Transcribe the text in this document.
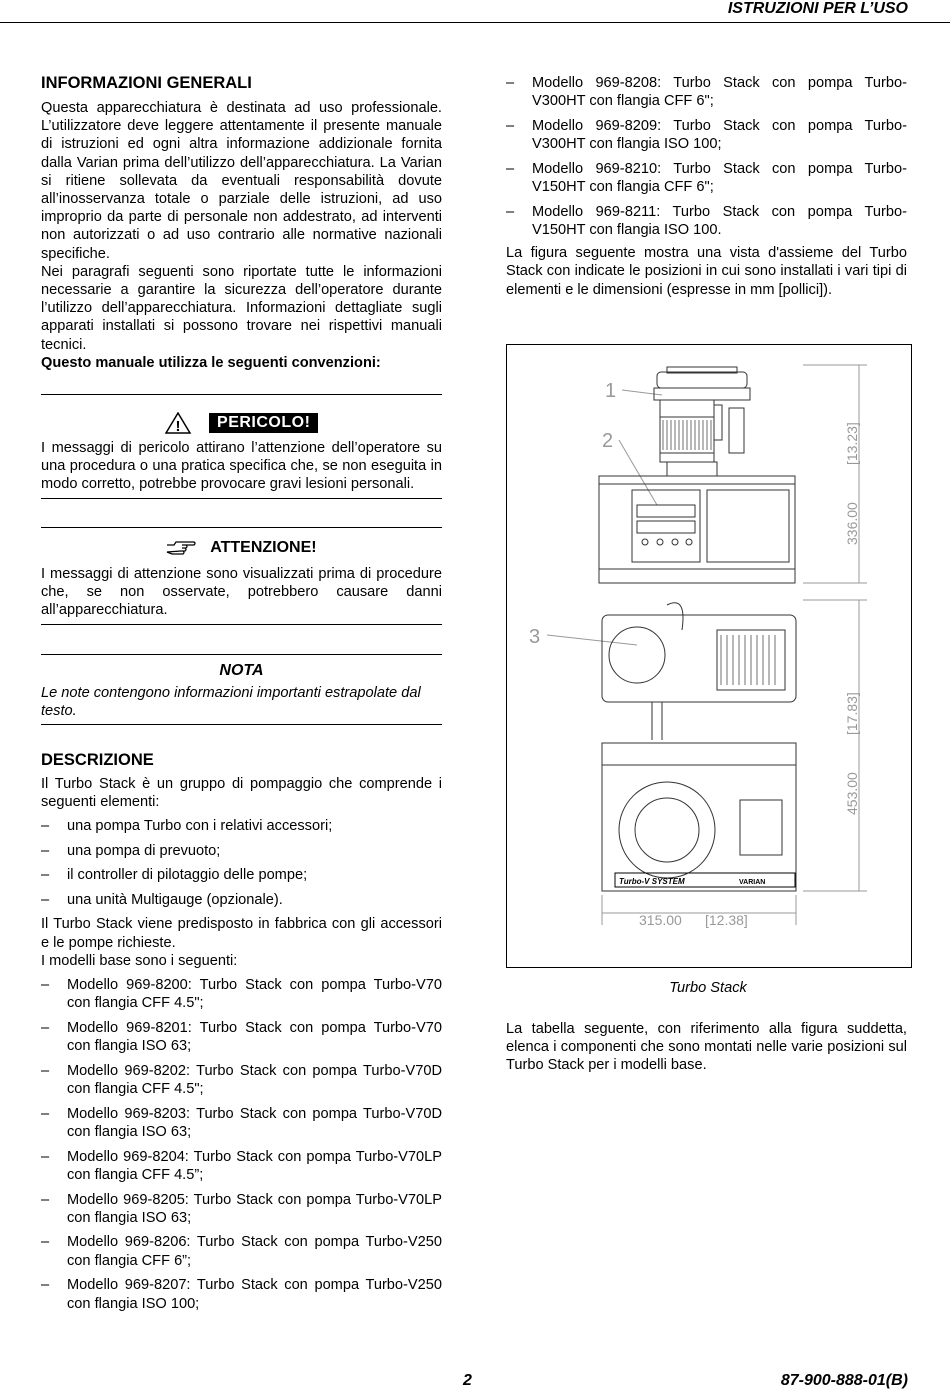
ISTRUZIONI PER L’USO
INFORMAZIONI GENERALI

Questa apparecchiatura è destinata ad uso professionale. L’utilizzatore deve leggere attentamente il presente manuale di istruzioni ed ogni altra informazione addizionale fornita dalla Varian prima dell’utilizzo dell’apparecchiatura. La Varian si ritiene sollevata da eventuali responsabilità dovute all’inosservanza totale o parziale delle istruzioni, ad uso improprio da parte di personale non addestrato, ad interventi non autorizzati o ad uso contrario alle normative nazionali specifiche.

Nei paragrafi seguenti sono riportate tutte le informazioni necessarie a garantire la sicurezza dell’operatore durante l’utilizzo dell’apparecchiatura. Informazioni dettagliate sugli apparati installati si possono trovare nei rispettivi manuali tecnici.

Questo manuale utilizza le seguenti convenzioni:

! PERICOLO!

I messaggi di pericolo attirano l’attenzione dell’operatore su una procedura o una pratica specifica che, se non eseguita in modo corretto, potrebbe provocare gravi lesioni personali.

ATTENZIONE!

I messaggi di attenzione sono visualizzati prima di procedure che, se non osservate, potrebbero causare danni all’apparecchiatura.

NOTA

Le note contengono informazioni importanti estrapolate dal testo.

DESCRIZIONE

Il Turbo Stack è un gruppo di pompaggio che comprende i seguenti elementi:

– una pompa Turbo con i relativi accessori;
– una pompa di prevuoto;
– il controller di pilotaggio delle pompe;
– una unità Multigauge (opzionale).

Il Turbo Stack viene predisposto in fabbrica con gli accessori e le pompe richieste.

I modelli base sono i seguenti:

– Modello 969-8200: Turbo Stack con pompa Turbo-V70 con flangia CFF 4.5";
– Modello 969-8201: Turbo Stack con pompa Turbo-V70 con flangia ISO 63;
– Modello 969-8202: Turbo Stack con pompa Turbo-V70D con flangia CFF 4.5";
– Modello 969-8203: Turbo Stack con pompa Turbo-V70D con flangia ISO 63;
– Modello 969-8204: Turbo Stack con pompa Turbo-V70LP con flangia CFF 4.5”;
– Modello 969-8205: Turbo Stack con pompa Turbo-V70LP con flangia ISO 63;
– Modello 969-8206: Turbo Stack con pompa Turbo-V250 con flangia CFF 6”;
– Modello 969-8207: Turbo Stack con pompa Turbo-V250 con flangia ISO 100;
– Modello 969-8208: Turbo Stack con pompa Turbo-V300HT con flangia CFF 6";
– Modello 969-8209: Turbo Stack con pompa Turbo-V300HT con flangia ISO 100;
– Modello 969-8210: Turbo Stack con pompa Turbo-V150HT con flangia CFF 6";
– Modello 969-8211: Turbo Stack con pompa Turbo-V150HT con flangia ISO 100.

La figura seguente mostra una vista d'assieme del Turbo Stack con indicate le posizioni in cui sono installati i vari tipi di elementi e le dimensioni (espresse in mm [pollici]).

1
2
3
336.00
[13.23]
Turbo-V SYSTEM	VARIAN
453.00
[17.83]
315.00 [12.38]
Turbo Stack

La tabella seguente, con riferimento alla figura suddetta, elenca i componenti che sono montati nelle varie posizioni sul Turbo Stack per i modelli base.

2	87-900-888-01(B)
